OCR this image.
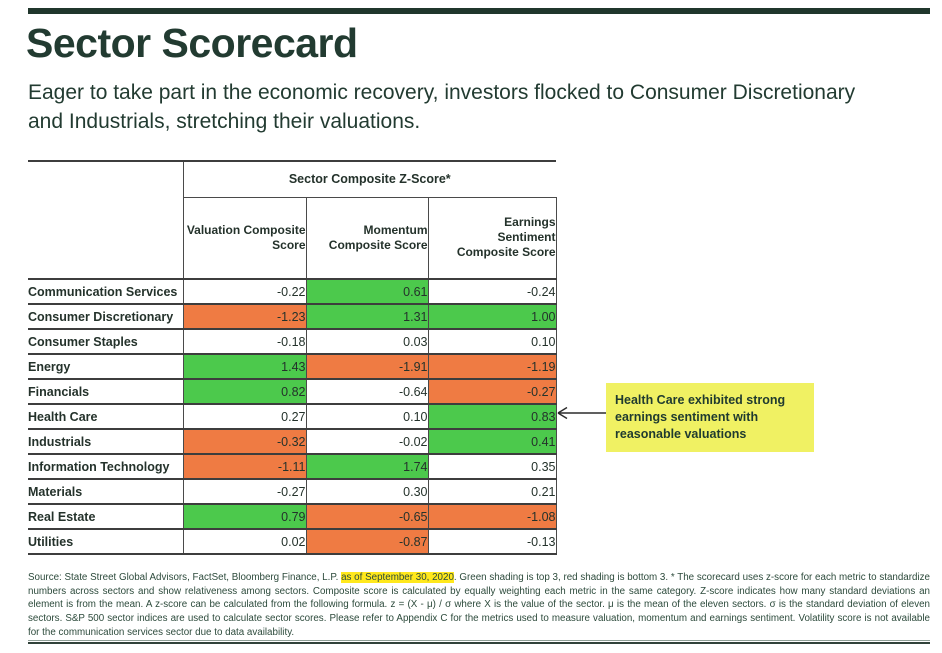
Sector Scorecard

Eager to take part in the economic recovery, investors flocked to Consumer Discretionary and Industrials, stretching their valuations.

	Sector Composite Z-Score*		
	Valuation Composite Score	Momentum Composite Score	Earnings Sentiment Composite Score
Communication Services	-0.22	0.61	-0.24
Consumer Discretionary	-1.23	1.31	1.00
Consumer Staples	-0.18	0.03	0.10
Energy	1.43	-1.91	-1.19
Financials	0.82	-0.64	-0.27
Health Care	0.27	0.10	0.83
Industrials	-0.32	-0.02	0.41
Information Technology	-1.11	1.74	0.35
Materials	-0.27	0.30	0.21
Real Estate	0.79	-0.65	-1.08
Utilities	0.02	-0.87	-0.13
Health Care exhibited strong earnings sentiment with reasonable valuations

Source: State Street Global Advisors, FactSet, Bloomberg Finance, L.P. as of September 30, 2020. Green shading is top 3, red shading is bottom 3. * The scorecard uses z-score for each metric to standardize numbers across sectors and show relativeness among sectors. Composite score is calculated by equally weighting each metric in the same category. Z-score indicates how many standard deviations an element is from the mean. A z-score can be calculated from the following formula. z = (X - μ) / σ where X is the value of the sector. μ is the mean of the eleven sectors. σ is the standard deviation of eleven sectors. S&P 500 sector indices are used to calculate sector scores. Please refer to Appendix C for the metrics used to measure valuation, momentum and earnings sentiment. Volatility score is not available for the communication services sector due to data availability.
